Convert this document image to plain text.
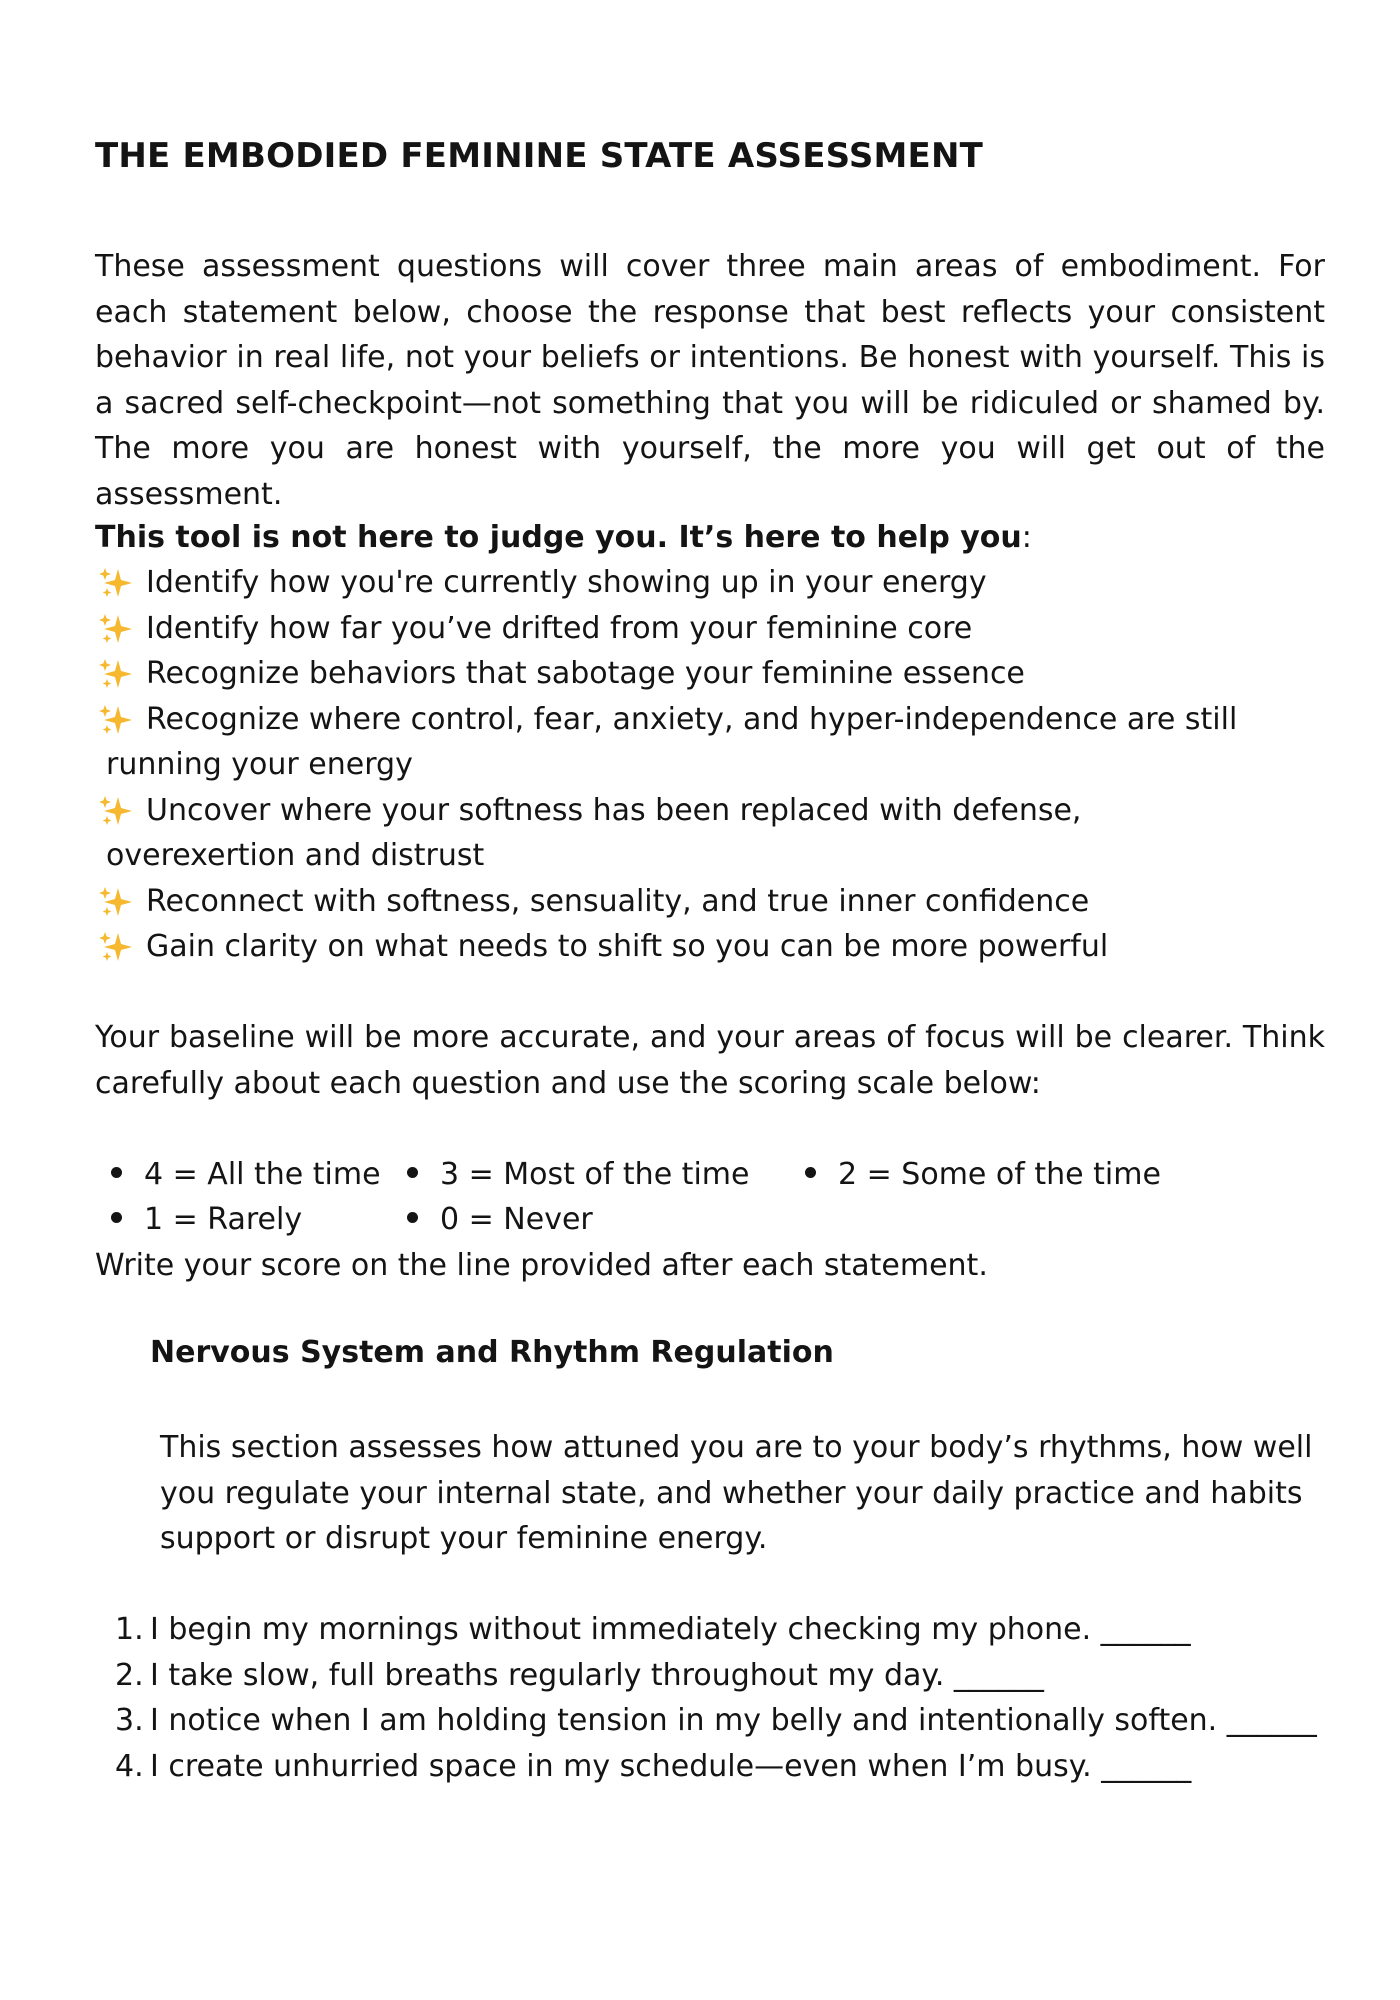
THE EMBODIED FEMININE STATE ASSESSMENT

These assessment questions will cover three main areas of embodiment. For each statement below, choose the response that best reflects your consistent behavior in real life, not your beliefs or intentions. Be honest with yourself. This is a sacred self-checkpoint—not something that you will be ridiculed or shamed by. The more you are honest with yourself, the more you will get out of the assessment.

This tool is not here to judge you. It’s here to help you:
Identify how you're currently showing up in your energy
Identify how far you’ve drifted from your feminine core
Recognize behaviors that sabotage your feminine essence
Recognize where control, fear, anxiety, and hyper-independence are still
running your energy
Uncover where your softness has been replaced with defense,
overexertion and distrust
Reconnect with softness, sensuality, and true inner confidence
Gain clarity on what needs to shift so you can be more powerful

Your baseline will be more accurate, and your areas of focus will be clearer. Think carefully about each question and use the scoring scale below:

4 = All the time	3 = Most of the time	2 = Some of the time
1 = Rarely	0 = Never
Write your score on the line provided after each statement.
Nervous System and Rhythm Regulation

This section assesses how attuned you are to your body’s rhythms, how well you regulate your internal state, and whether your daily practice and habits support or disrupt your feminine energy.

1. I begin my mornings without immediately checking my phone. ______
2. I take slow, full breaths regularly throughout my day. ______
3. I notice when I am holding tension in my belly and intentionally soften. ______
4. I create unhurried space in my schedule—even when I’m busy. ______
